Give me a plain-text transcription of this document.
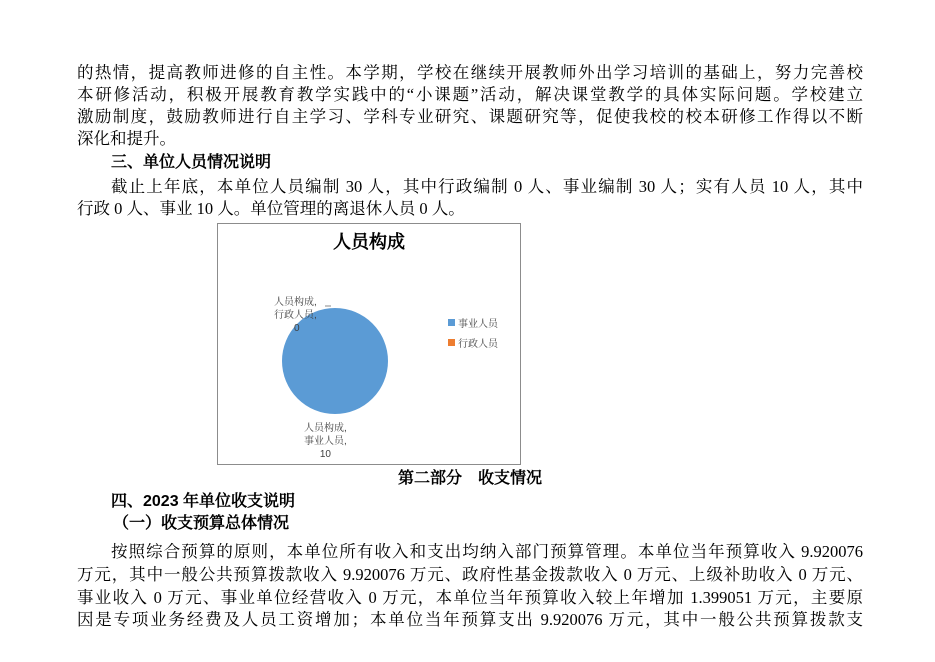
的热情，提高教师进修的自主性。本学期，学校在继续开展教师外出学习培训的基础上，努力完善校
本研修活动，积极开展教育教学实践中的“小课题”活动，解决课堂教学的具体实际问题。学校建立
激励制度，鼓励教师进行自主学习、学科专业研究、课题研究等，促使我校的校本研修工作得以不断
深化和提升。
三、单位人员情况说明
截止上年底，本单位人员编制 30 人，其中行政编制 0 人、事业编制 30 人；实有人员 10 人，其中
行政 0 人、事业 10 人。单位管理的离退休人员 0 人。
人员构成
人员构成,
行政人员,
0
人员构成,
事业人员,
10
事业人员
行政人员
第二部分　收支情况
四、2023 年单位收支说明
（一）收支预算总体情况
按照综合预算的原则，本单位所有收入和支出均纳入部门预算管理。本单位当年预算收入 9.920076
万元，其中一般公共预算拨款收入 9.920076 万元、政府性基金拨款收入 0 万元、上级补助收入 0 万元、
事业收入 0 万元、事业单位经营收入 0 万元，本单位当年预算收入较上年增加 1.399051 万元，主要原
因是专项业务经费及人员工资增加；本单位当年预算支出 9.920076 万元，其中一般公共预算拨款支
